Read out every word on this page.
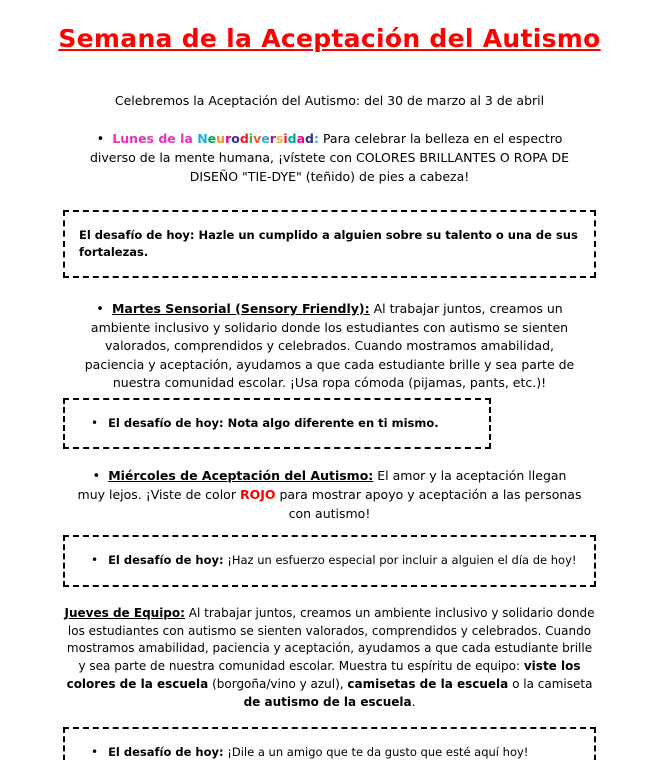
Semana de la Aceptación del Autismo

Celebremos la Aceptación del Autismo: del 30 de marzo al 3 de abril

• Lunes de la Neurodiversidad: Para celebrar la belleza en el espectro diverso de la mente humana, ¡vístete con COLORES BRILLANTES O ROPA DE DISEÑO "TIE-DYE" (teñido) de pies a cabeza!

El desafío de hoy: Hazle un cumplido a alguien sobre su talento o una de sus fortalezas.

• Martes Sensorial (Sensory Friendly): Al trabajar juntos, creamos un ambiente inclusivo y solidario donde los estudiantes con autismo se sienten valorados, comprendidos y celebrados. Cuando mostramos amabilidad, paciencia y aceptación, ayudamos a que cada estudiante brille y sea parte de nuestra comunidad escolar. ¡Usa ropa cómoda (pijamas, pants, etc.)!

• El desafío de hoy: Nota algo diferente en ti mismo.

• Miércoles de Aceptación del Autismo: El amor y la aceptación llegan muy lejos. ¡Viste de color ROJO para mostrar apoyo y aceptación a las personas con autismo!

• El desafío de hoy: ¡Haz un esfuerzo especial por incluir a alguien el día de hoy!

Jueves de Equipo: Al trabajar juntos, creamos un ambiente inclusivo y solidario donde los estudiantes con autismo se sienten valorados, comprendidos y celebrados. Cuando mostramos amabilidad, paciencia y aceptación, ayudamos a que cada estudiante brille y sea parte de nuestra comunidad escolar. Muestra tu espíritu de equipo: viste los colores de la escuela (borgoña/vino y azul), camisetas de la escuela o la camiseta de autismo de la escuela.

• El desafío de hoy: ¡Dile a un amigo que te da gusto que esté aquí hoy!
